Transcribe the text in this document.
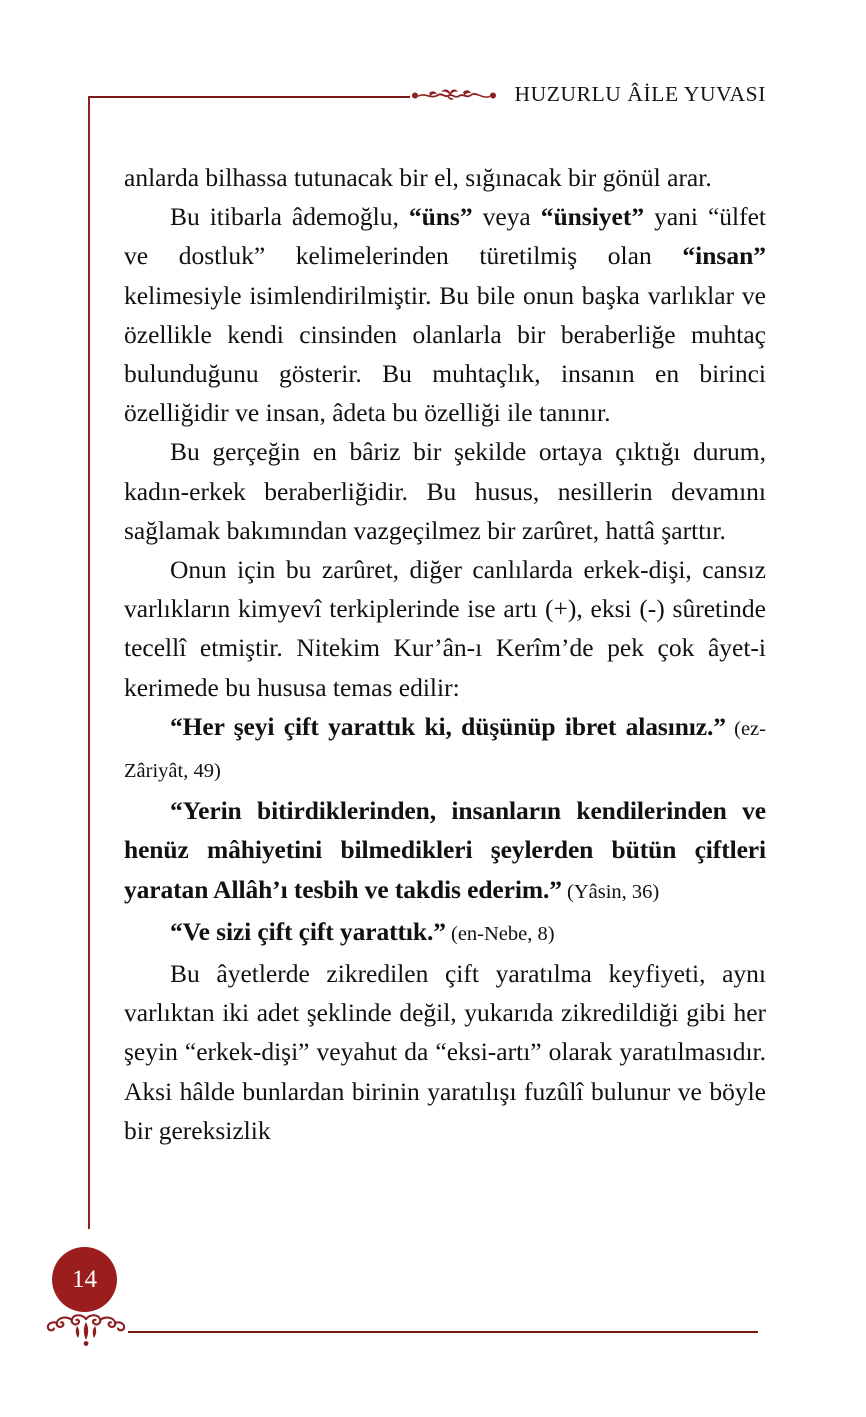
HUZURLU ÂİLE YUVASI
14

anlarda bilhassa tutunacak bir el, sığınacak bir gönül arar.

Bu itibarla âdemoğlu, “üns” veya “ünsiyet” yani “ülfet ve dostluk” kelimelerinden türetilmiş olan “insan” kelimesiyle isimlendirilmiştir. Bu bile onun başka varlıklar ve özellikle kendi cinsinden olanlarla bir beraberliğe muhtaç bulunduğunu gösterir. Bu muhtaçlık, insanın en birinci özelliğidir ve insan, âdeta bu özelliği ile tanınır.

Bu gerçeğin en bâriz bir şekilde ortaya çıktığı durum, kadın-erkek beraberliğidir. Bu husus, nesillerin devamını sağlamak bakımından vazgeçilmez bir zarûret, hattâ şarttır.

Onun için bu zarûret, diğer canlılarda erkek-dişi, cansız varlıkların kimyevî terkiplerinde ise artı (+), eksi (-) sûretinde tecellî etmiştir. Nitekim Kur’ân-ı Kerîm’de pek çok âyet-i kerimede bu hususa temas edilir:

“Her şeyi çift yarattık ki, düşünüp ibret alasınız.” (ez-Zâriyât, 49)

“Yerin bitirdiklerinden, insanların kendilerinden ve henüz mâhiyetini bilmedikleri şeylerden bütün çiftleri yaratan Allâh’ı tesbih ve takdis ederim.” (Yâsin, 36)

“Ve sizi çift çift yarattık.” (en-Nebe, 8)

Bu âyetlerde zikredilen çift yaratılma keyfiyeti, aynı varlıktan iki adet şeklinde değil, yukarıda zikredildiği gibi her şeyin “erkek-dişi” veyahut da “eksi-artı” olarak yaratılmasıdır. Aksi hâlde bunlardan birinin yaratılışı fuzûlî bulunur ve böyle bir gereksizlik
